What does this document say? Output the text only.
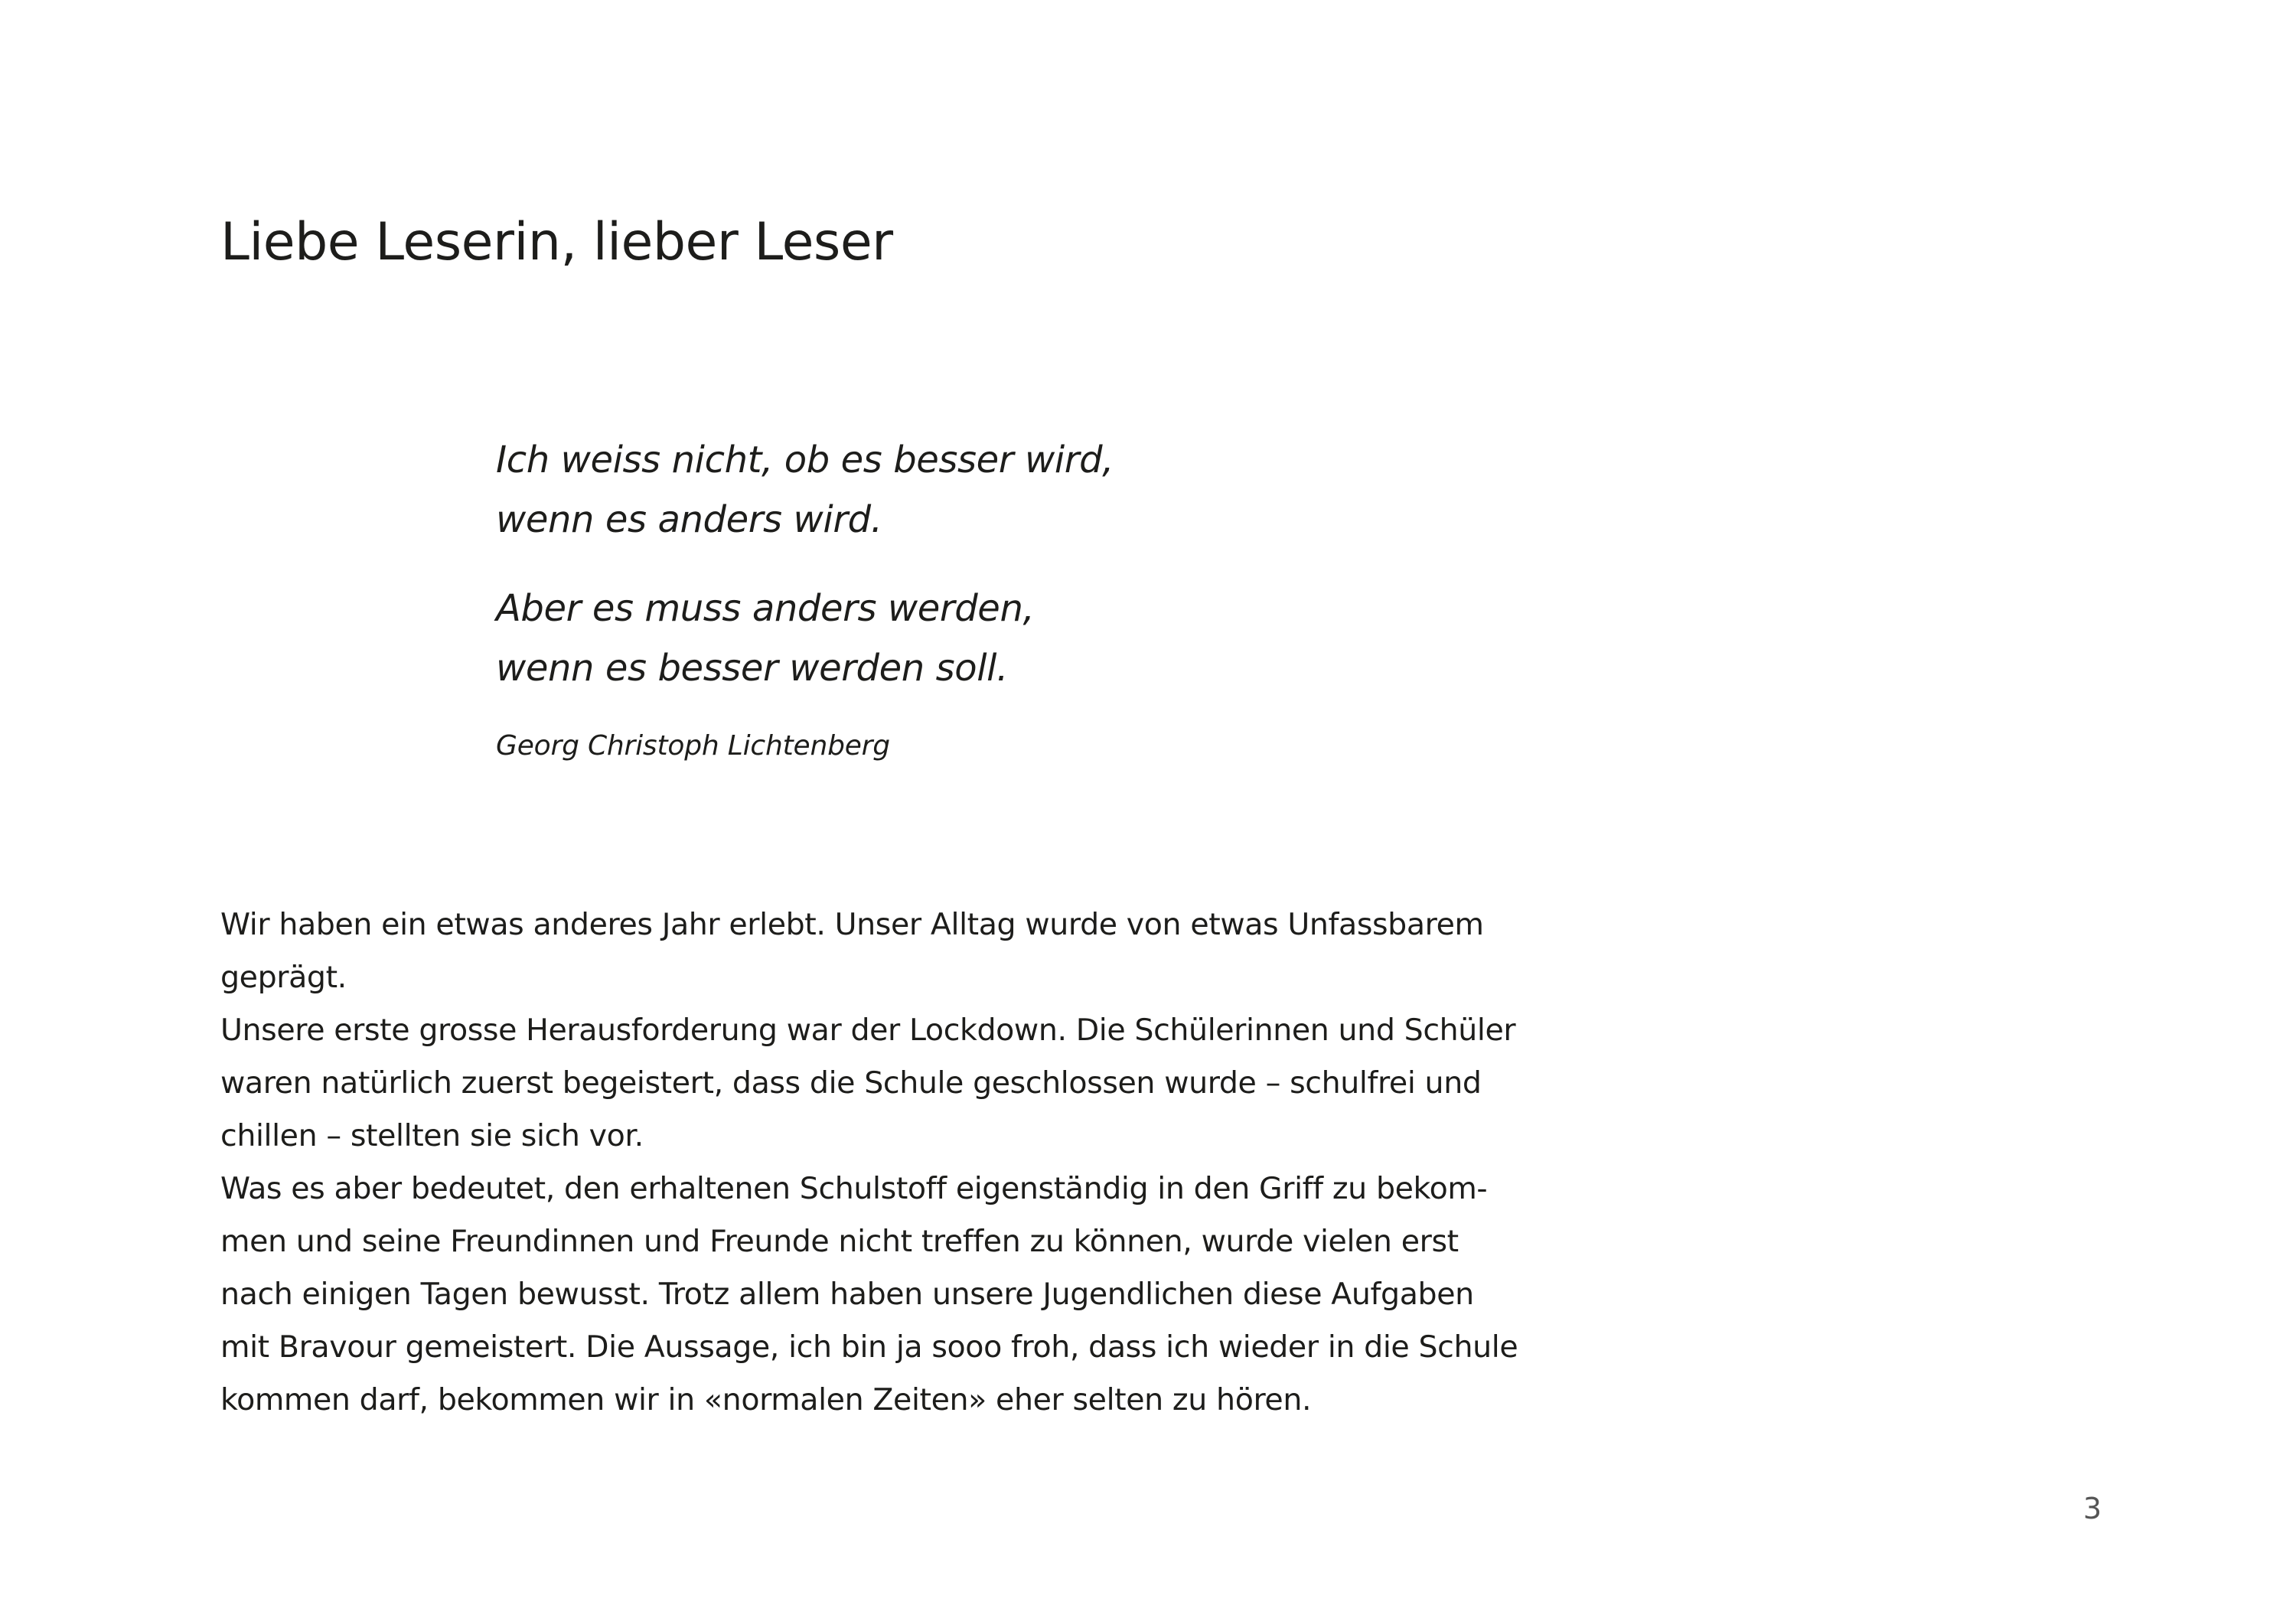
Liebe Leserin, lieber Leser

Ich weiss nicht, ob es besser wird,
wenn es anders wird.

Aber es muss anders werden,
wenn es besser werden soll.

Georg Christoph Lichtenberg

Wir haben ein etwas anderes Jahr erlebt. Unser Alltag wurde von etwas Unfassbarem
geprägt.
Unsere erste grosse Herausforderung war der Lockdown. Die Schülerinnen und Schüler
waren natürlich zuerst begeistert, dass die Schule geschlossen wurde – schulfrei und
chillen – stellten sie sich vor.
Was es aber bedeutet, den erhaltenen Schulstoff eigenständig in den Griff zu bekom-
men und seine Freundinnen und Freunde nicht treffen zu können, wurde vielen erst
nach einigen Tagen bewusst. Trotz allem haben unsere Jugendlichen diese Aufgaben
mit Bravour gemeistert. Die Aussage, ich bin ja sooo froh, dass ich wieder in die Schule
kommen darf, bekommen wir in «normalen Zeiten» eher selten zu hören.

3
